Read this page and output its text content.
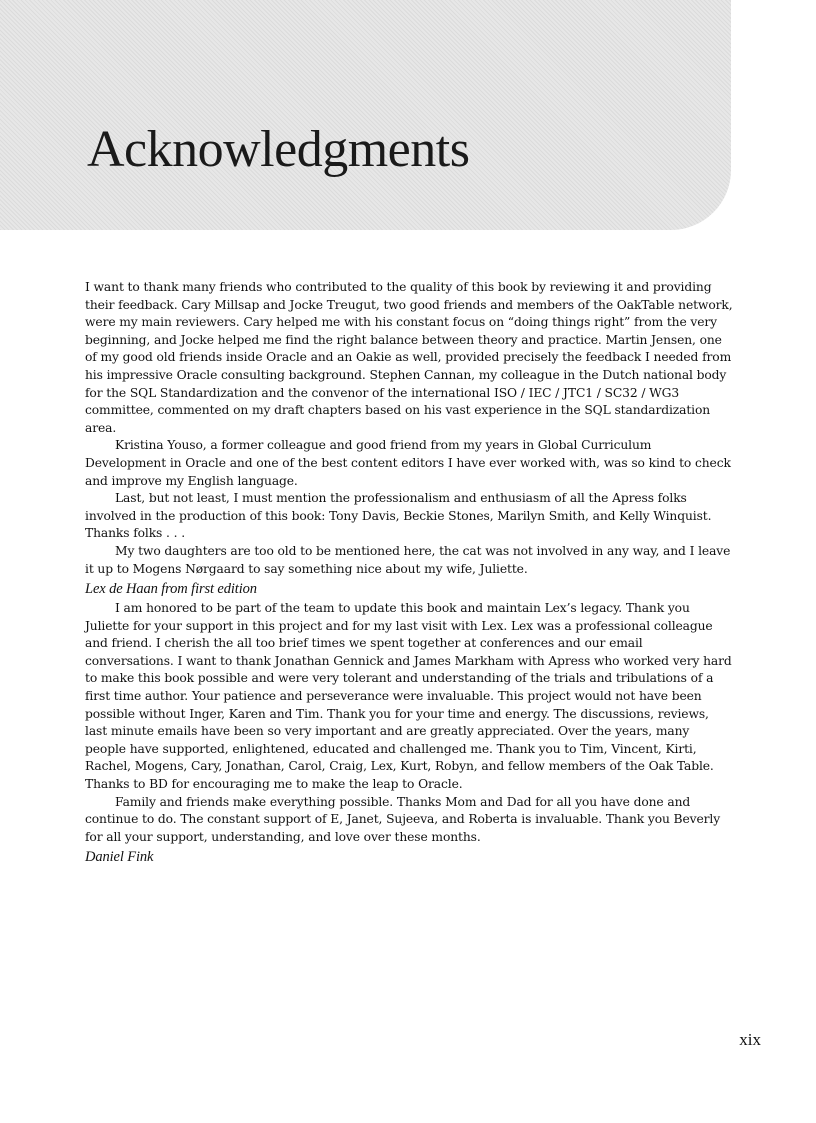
Acknowledgments

I want to thank many friends who contributed to the quality of this book by reviewing it and providing their feedback. Cary Millsap and Jocke Treugut, two good friends and members of the OakTable network, were my main reviewers. Cary helped me with his constant focus on “doing things right” from the very beginning, and Jocke helped me find the right balance between theory and practice. Martin Jensen, one of my good old friends inside Oracle and an Oakie as well, provided precisely the feedback I needed from his impressive Oracle consulting background. Stephen Cannan, my colleague in the Dutch national body for the SQL Standardization and the convenor of the international ISO / IEC / JTC1 / SC32 / WG3 committee, commented on my draft chapters based on his vast experience in the SQL standardization area.

Kristina Youso, a former colleague and good friend from my years in Global Curriculum Development in Oracle and one of the best content editors I have ever worked with, was so kind to check and improve my English language.

Last, but not least, I must mention the professionalism and enthusiasm of all the Apress folks involved in the production of this book: Tony Davis, Beckie Stones, Marilyn Smith, and Kelly Winquist. Thanks folks . . .

My two daughters are too old to be mentioned here, the cat was not involved in any way, and I leave it up to Mogens Nørgaard to say something nice about my wife, Juliette.

Lex de Haan from first edition

I am honored to be part of the team to update this book and maintain Lex’s legacy. Thank you Juliette for your support in this project and for my last visit with Lex. Lex was a professional colleague and friend. I cherish the all too brief times we spent together at conferences and our email conversations. I want to thank Jonathan Gennick and James Markham with Apress who worked very hard to make this book possible and were very tolerant and understanding of the trials and tribulations of a first time author. Your patience and perseverance were invaluable. This project would not have been possible without Inger, Karen and Tim. Thank you for your time and energy. The discussions, reviews, last minute emails have been so very important and are greatly appreciated. Over the years, many people have supported, enlightened, educated and challenged me. Thank you to Tim, Vincent, Kirti, Rachel, Mogens, Cary, Jonathan, Carol, Craig, Lex, Kurt, Robyn, and fellow members of the Oak Table. Thanks to BD for encouraging me to make the leap to Oracle.

Family and friends make everything possible. Thanks Mom and Dad for all you have done and continue to do. The constant support of E, Janet, Sujeeva, and Roberta is invaluable. Thank you Beverly for all your support, understanding, and love over these months.

Daniel Fink

xix
